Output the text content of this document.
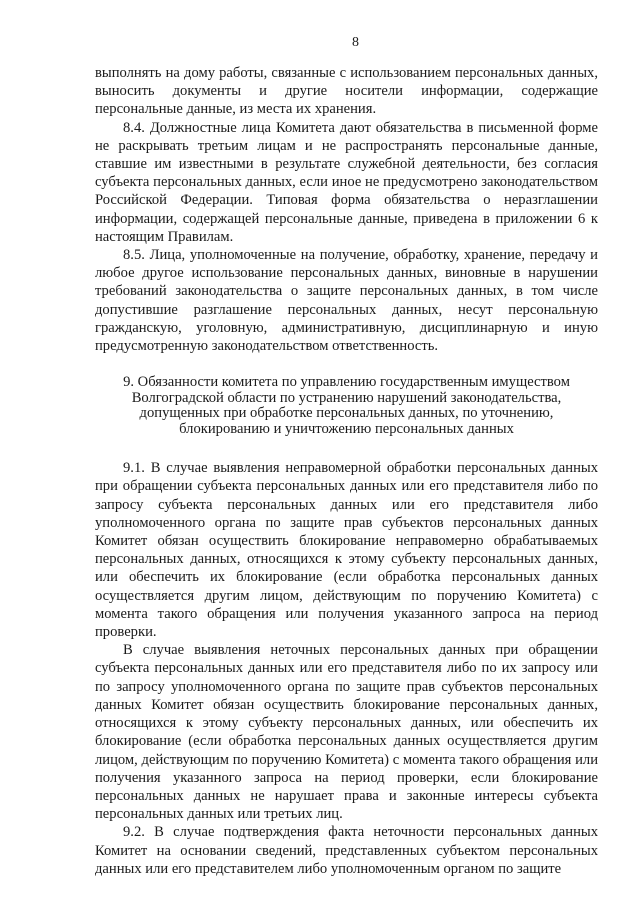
8

выполнять на дому работы, связанные с использованием персональных данных, выносить документы и другие носители информации, содержащие персональные данные, из места их хранения.

8.4. Должностные лица Комитета дают обязательства в письменной форме не раскрывать третьим лицам и не распространять персональные данные, ставшие им известными в результате служебной деятельности, без согласия субъекта персональных данных, если иное не предусмотрено законодательством Российской Федерации. Типовая форма обязательства о неразглашении информации, содержащей персональные данные, приведена в приложении 6 к настоящим Правилам.

8.5. Лица, уполномоченные на получение, обработку, хранение, передачу и любое другое использование персональных данных, виновные в нарушении требований законодательства о защите персональных данных, в том числе допустившие разглашение персональных данных, несут персональную гражданскую, уголовную, административную, дисциплинарную и иную предусмотренную законодательством ответственность.

9. Обязанности комитета по управлению государственным имуществом Волгоградской области по устранению нарушений законодательства, допущенных при обработке персональных данных, по уточнению, блокированию и уничтожению персональных данных

9.1. В случае выявления неправомерной обработки персональных данных при обращении субъекта персональных данных или его представителя либо по запросу субъекта персональных данных или его представителя либо уполномоченного органа по защите прав субъектов персональных данных Комитет обязан осуществить блокирование неправомерно обрабатываемых персональных данных, относящихся к этому субъекту персональных данных, или обеспечить их блокирование (если обработка персональных данных осуществляется другим лицом, действующим по поручению Комитета) с момента такого обращения или получения указанного запроса на период проверки.

В случае выявления неточных персональных данных при обращении субъекта персональных данных или его представителя либо по их запросу или по запросу уполномоченного органа по защите прав субъектов персональных данных Комитет обязан осуществить блокирование персональных данных, относящихся к этому субъекту персональных данных, или обеспечить их блокирование (если обработка персональных данных осуществляется другим лицом, действующим по поручению Комитета) с момента такого обращения или получения указанного запроса на период проверки, если блокирование персональных данных не нарушает права и законные интересы субъекта персональных данных или третьих лиц.

9.2. В случае подтверждения факта неточности персональных данных Комитет на основании сведений, представленных субъектом персональных данных или его представителем либо уполномоченным органом по защите
